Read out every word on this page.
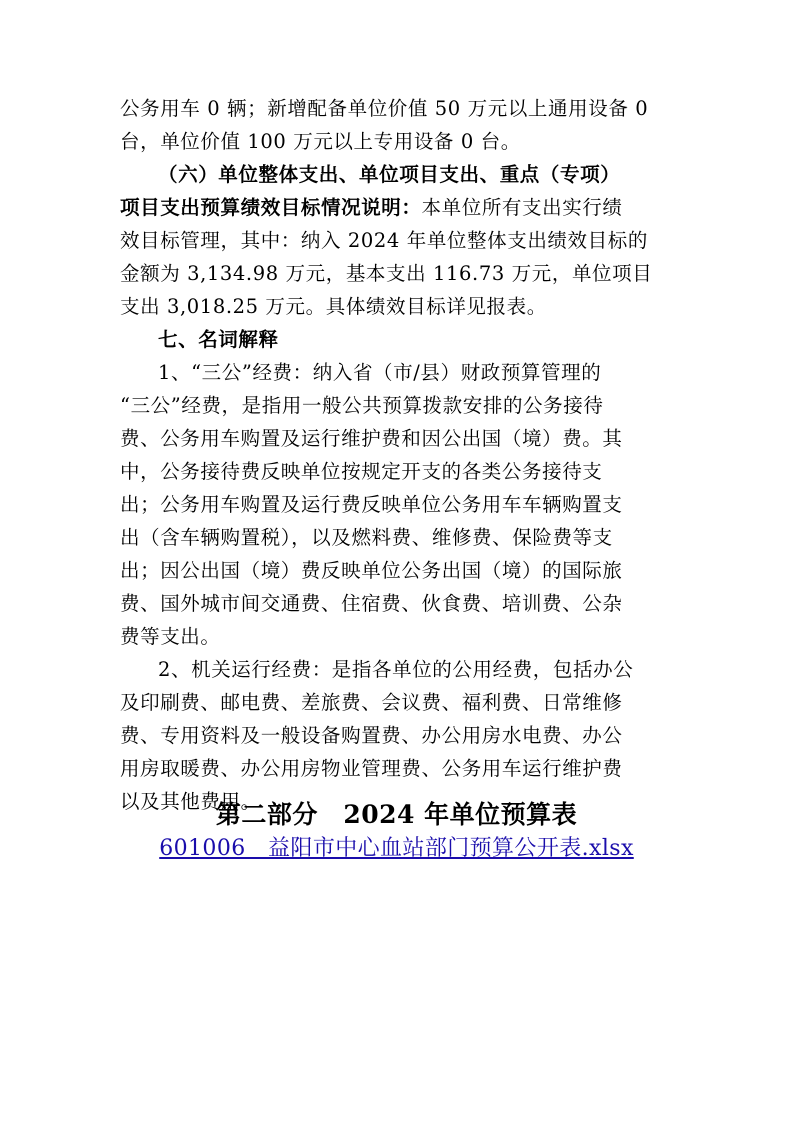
公务用车 0 辆；新增配备单位价值 50 万元以上通用设备 0
台，单位价值 100 万元以上专用设备 0 台。
（六）单位整体支出、单位项目支出、重点（专项）
项目支出预算绩效目标情况说明：本单位所有支出实行绩
效目标管理，其中：纳入 2024 年单位整体支出绩效目标的
金额为 3,134.98 万元，基本支出 116.73 万元，单位项目
支出 3,018.25 万元。具体绩效目标详见报表。
七、名词解释
1、“三公”经费：纳入省（市/县）财政预算管理的
“三公”经费，是指用一般公共预算拨款安排的公务接待
费、公务用车购置及运行维护费和因公出国（境）费。其
中，公务接待费反映单位按规定开支的各类公务接待支
出；公务用车购置及运行费反映单位公务用车车辆购置支
出（含车辆购置税），以及燃料费、维修费、保险费等支
出；因公出国（境）费反映单位公务出国（境）的国际旅
费、国外城市间交通费、住宿费、伙食费、培训费、公杂
费等支出。
2、机关运行经费：是指各单位的公用经费，包括办公
及印刷费、邮电费、差旅费、会议费、福利费、日常维修
费、专用资料及一般设备购置费、办公用房水电费、办公
用房取暖费、办公用房物业管理费、公务用车运行维护费
以及其他费用。
第二部分　2024 年单位预算表
601006　益阳市中心血站部门预算公开表.xlsx
